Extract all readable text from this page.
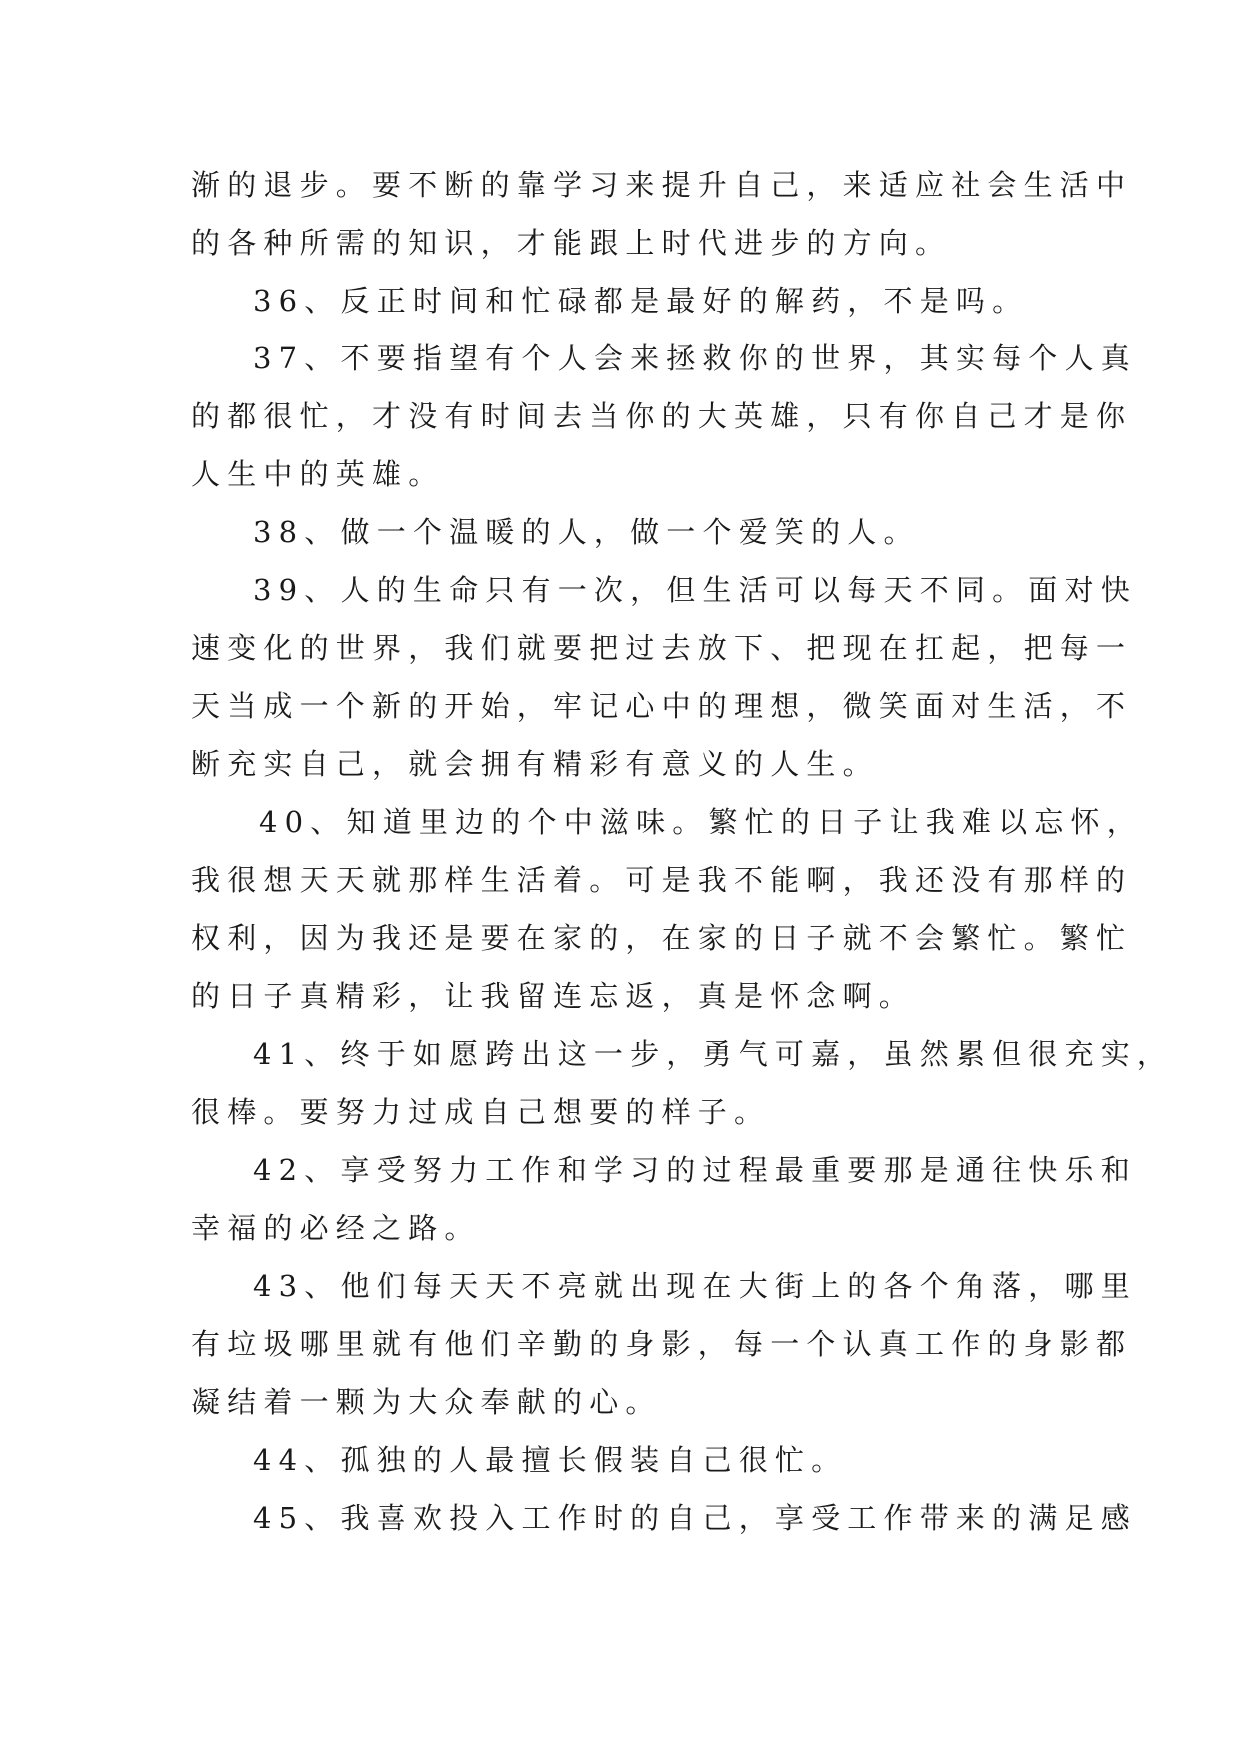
渐的退步。要不断的靠学习来提升自己，来适应社会生活中
的各种所需的知识，才能跟上时代进步的方向。
36、反正时间和忙碌都是最好的解药，不是吗。
37、不要指望有个人会来拯救你的世界，其实每个人真
的都很忙，才没有时间去当你的大英雄，只有你自己才是你
人生中的英雄。
38、做一个温暖的人，做一个爱笑的人。
39、人的生命只有一次，但生活可以每天不同。面对快
速变化的世界，我们就要把过去放下、把现在扛起，把每一
天当成一个新的开始，牢记心中的理想，微笑面对生活，不
断充实自己，就会拥有精彩有意义的人生。
40、知道里边的个中滋味。繁忙的日子让我难以忘怀，
我很想天天就那样生活着。可是我不能啊，我还没有那样的
权利，因为我还是要在家的，在家的日子就不会繁忙。繁忙
的日子真精彩，让我留连忘返，真是怀念啊。
41、终于如愿跨出这一步，勇气可嘉，虽然累但很充实，
很棒。要努力过成自己想要的样子。
42、享受努力工作和学习的过程最重要那是通往快乐和
幸福的必经之路。
43、他们每天天不亮就出现在大街上的各个角落，哪里
有垃圾哪里就有他们辛勤的身影，每一个认真工作的身影都
凝结着一颗为大众奉献的心。
44、孤独的人最擅长假装自己很忙。
45、我喜欢投入工作时的自己，享受工作带来的满足感
